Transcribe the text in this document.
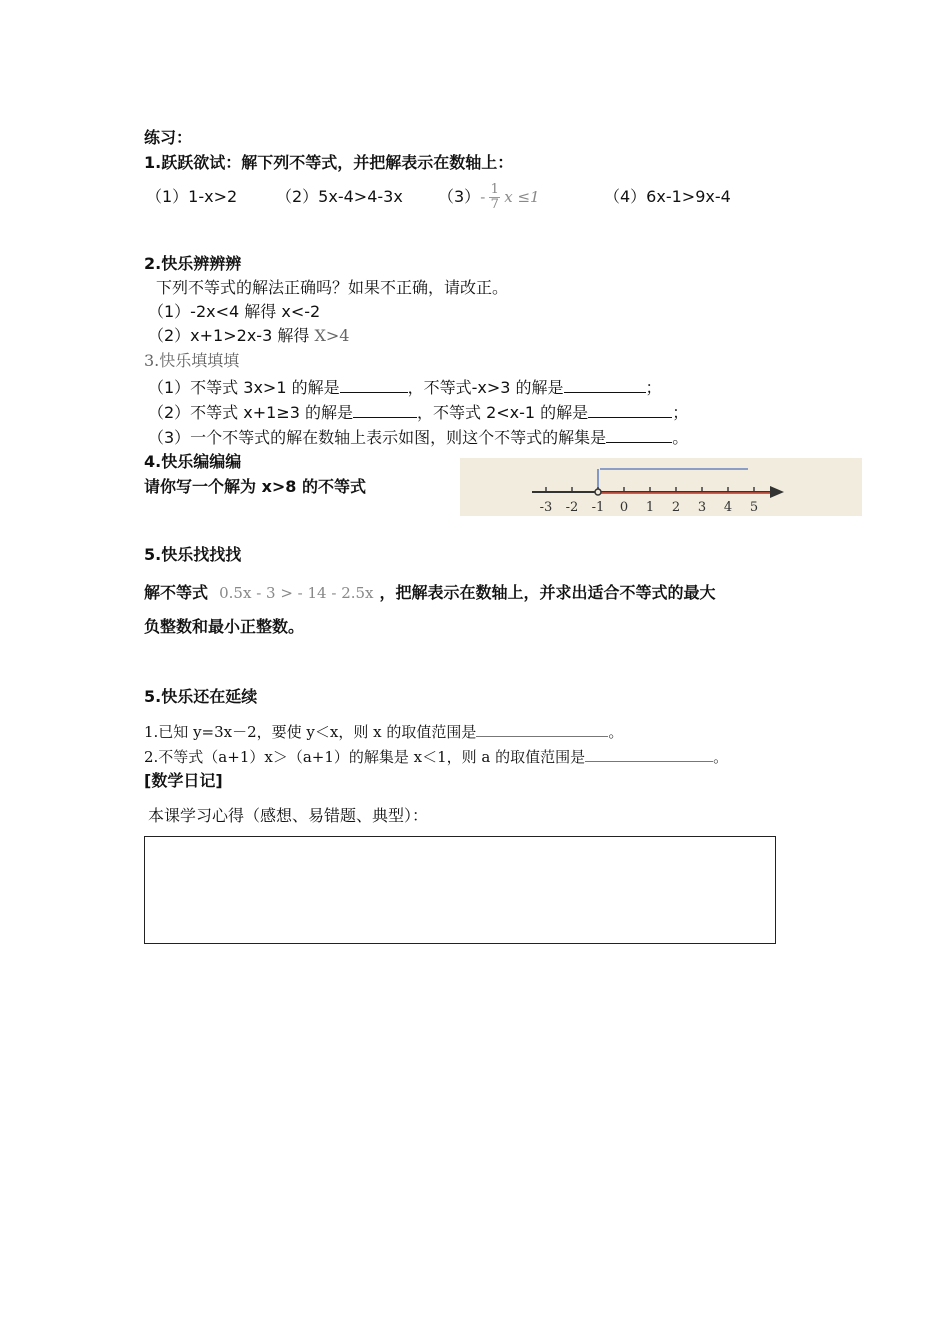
练习：
1.跃跃欲试：解下列不等式，并把解表示在数轴上：
（1）1-x>2 （2）5x-4>4-3x $(3)- \frac{1}{7}$ x ≤1	（4）6x-1>9x-4
2.快乐辨辨辨
下列不等式的解法正确吗？如果不正确，请改正。
（1）-2x<4 解得 x<-2
（2）x+1>2x-3 解得 X>4
3.快乐填填填
（1）不等式 3x>1 的解是	，不等式-x>3 的解是	；
（2）不等式 x+1≥3 的解是	，不等式 2<x-1 的解是	；
（3）一个不等式的解在数轴上表示如图，则这个不等式的解集是	。
4.快乐编编编
请你写一个解为 x>8 的不等式
-3 -2 -1 0 1 2 3 4 5
5.快乐找找找
解不等式 0.5x - 3 > - 14 - 2.5x ，把解表示在数轴上，并求出适合不等式的最大
负整数和最小正整数。
5.快乐还在延续
1.已知 y=3x－2，要使 y＜x，则 x 的取值范围是	。
2.不等式（a+1）x＞（a+1）的解集是 x＜1，则 a 的取值范围是	。
[数学日记]
本课学习心得（感想、易错题、典型）：
